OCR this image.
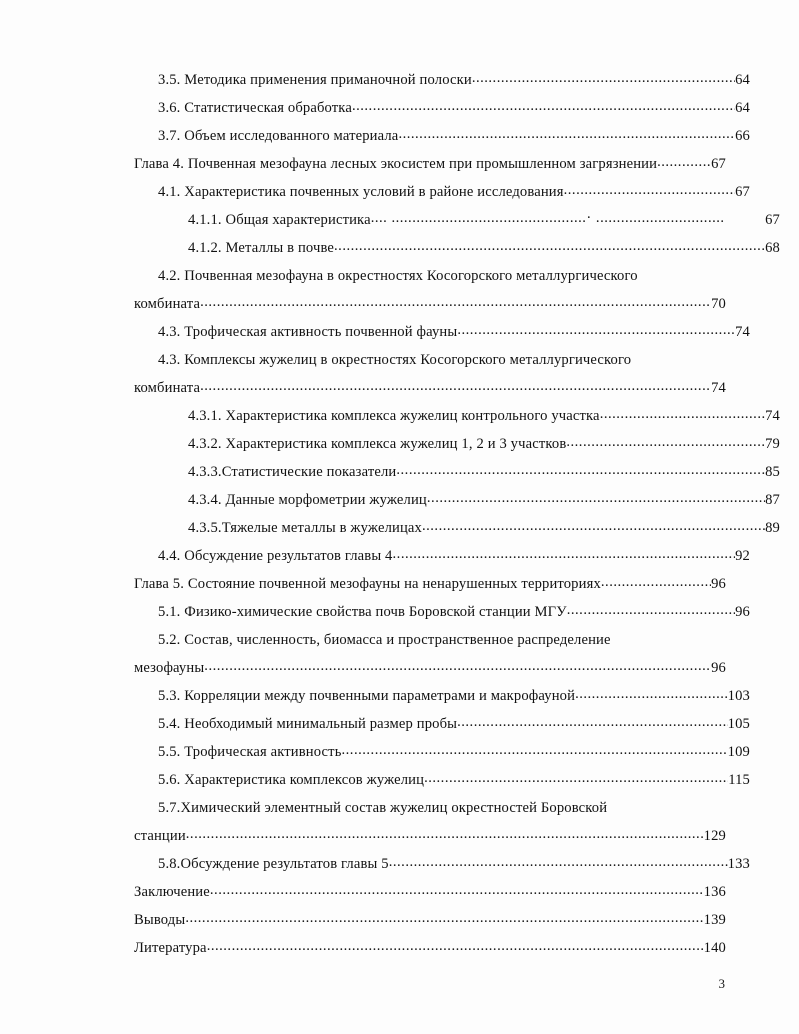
3.5. Методика применения приманочной полоски .....	64
3.6. Статистическая обработка .....	64
3.7. Объем исследованного материала .....	66
Глава 4. Почвенная мезофауна лесных экосистем при промышленном загрязнении .....	67
4.1. Характеристика почвенных условий в районе исследования .....	67
4.1.1. Общая характеристика ....	67
4.1.2. Металлы в почве .....	68
4.2. Почвенная мезофауна в окрестностях Косогорского металлургического
комбината .....	70
4.3. Трофическая активность почвенной фауны .....	74
4.3. Комплексы жужелиц в окрестностях Косогорского металлургического
комбината .....	74
4.3.1. Характеристика комплекса жужелиц контрольного участка .....	74
4.3.2. Характеристика комплекса жужелиц 1, 2 и 3 участков .....	79
4.3.3.Статистические показатели .....	85
4.3.4. Данные морфометрии жужелиц .....	87
4.3.5.Тяжелые металлы в жужелицах .....	89
4.4. Обсуждение результатов главы 4 .....	92
Глава 5. Состояние почвенной мезофауны на ненарушенных территориях .....	96
5.1. Физико-химические свойства почв Боровской станции МГУ .....	96
5.2. Состав, численность, биомасса и пространственное распределение
мезофауны .....	96
5.3. Корреляции между почвенными параметрами и макрофауной .....	103
5.4. Необходимый минимальный размер пробы .....	105
5.5. Трофическая активность .....	109
5.6. Характеристика комплексов жужелиц .....	115
5.7.Химический элементный состав жужелиц окрестностей Боровской
станции .....	129
5.8.Обсуждение результатов главы 5 .....	133
Заключение .....	136
Выводы .....	139
Литература .....	140
3
